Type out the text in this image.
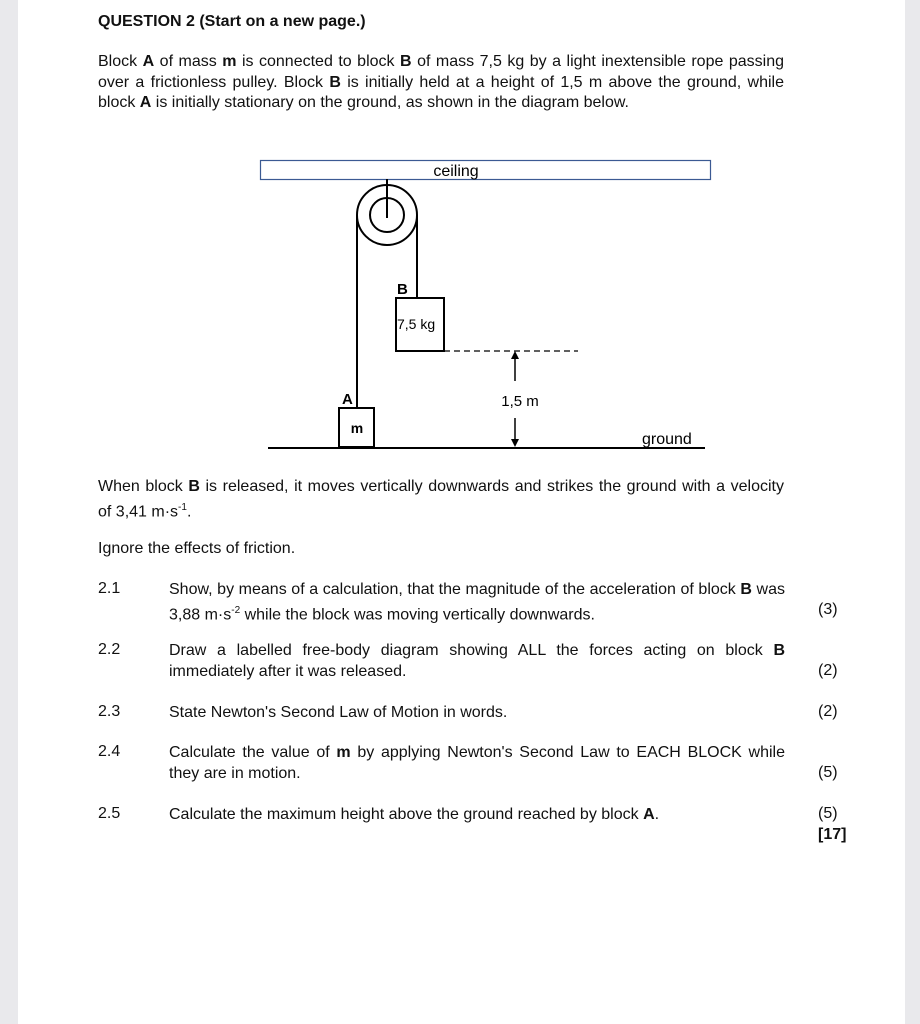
QUESTION 2 (Start on a new page.)
Block A of mass m is connected to block B of mass 7,5 kg by a light inextensible rope passing over a frictionless pulley. Block B is initially held at a height of 1,5 m above the ground, while block A is initially stationary on the ground, as shown in the diagram below.
ceiling
7,5 kg
B
1,5 m
m
A
ground
When block B is released, it moves vertically downwards and strikes the ground with a velocity of 3,41 $m\cdot s^{-1}$.
Ignore the effects of friction.
2.1	Show, by means of a calculation, that the magnitude of the acceleration of block B was 3,88 $m\cdot s^{-2}$ while the block was moving vertically downwards.	(3)
2.2	Draw a labelled free-body diagram showing ALL the forces acting on block B immediately after it was released.	(2)
2.3	State Newton's Second Law of Motion in words.	(2)
2.4	Calculate the value of m by applying Newton's Second Law to EACH BLOCK while they are in motion.	(5)
2.5	Calculate the maximum height above the ground reached by block A.	(5)
[17]
